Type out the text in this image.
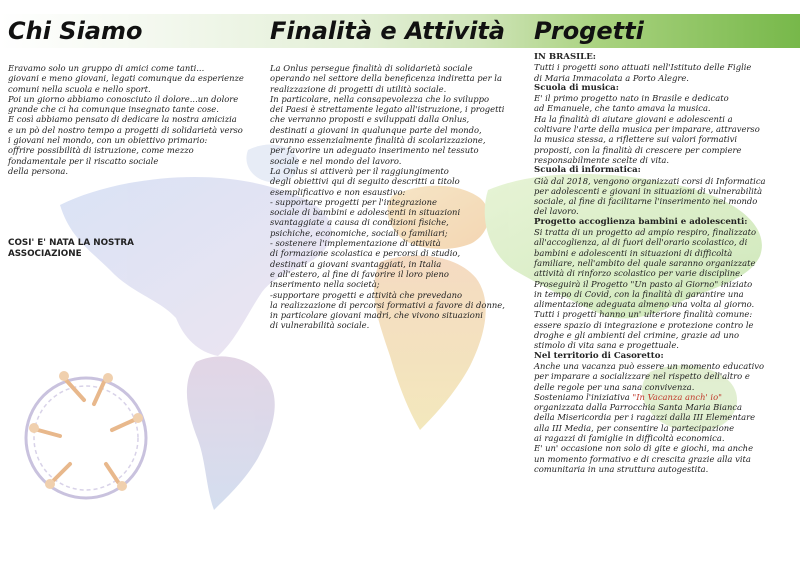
Chi Siamo	Finalità e Attività Progetti

Eravamo solo un gruppo di amici come tanti...

giovani e meno giovani, legati comunque da esperienze

comuni nella scuola e nello sport.

Poi un giorno abbiamo conosciuto il dolore...un dolore

grande che ci ha comunque insegnato tante cose.

E così abbiamo pensato di dedicare la nostra amicizia

e un pò del nostro tempo a progetti di solidarietà verso

i giovani nel mondo, con un obiettivo primario:

offrire possibilità di istruzione, come mezzo

fondamentale per il riscatto sociale

della persona.

COSI' E' NATA LA NOSTRA

ASSOCIAZIONE

La Onlus persegue finalità di solidarietà sociale

operando nel settore della beneficenza indiretta per la

realizzazione di progetti di utilità sociale.

In particolare, nella consapevolezza che lo sviluppo

dei Paesi è strettamente legato all'istruzione, i progetti

che verranno proposti e sviluppati dalla Onlus,

destinati a giovani in qualunque parte del mondo,

avranno essenzialmente finalità di scolarizzazione,

per favorire un adeguato inserimento nel tessuto

sociale e nel mondo del lavoro.

La Onlus si attiverà per il raggiungimento

degli obiettivi qui di seguito descritti a titolo

esemplificativo e non esaustivo:

- supportare progetti per l'integrazione

sociale di bambini e adolescenti in situazioni

svantaggiate a causa di condizioni fisiche,

psichiche, economiche, sociali o familiari;

- sostenere l'implementazione di attività

di formazione scolastica e percorsi di studio,

destinati a giovani svantaggiati, in Italia

e all'estero, al fine di favorire il loro pieno

inserimento nella società;

-supportare progetti e attività che prevedano

la realizzazione di percorsi formativi a favore di donne,

in particolare giovani madri, che vivono situazioni

di vulnerabilità sociale.

IN BRASILE:

Tutti i progetti sono attuati nell'Istituto delle Figlie

di Maria Immacolata a Porto Alegre.

Scuola di musica:

E' il primo progetto nato in Brasile e dedicato

ad Emanuele, che tanto amava la musica.

Ha la finalità di aiutare giovani e adolescenti a

coltivare l'arte della musica per imparare, attraverso

la musica stessa, a riflettere sui valori formativi

proposti, con la finalità di crescere per compiere

responsabilmente scelte di vita.

Scuola di informatica:

Già dal 2018, vengono organizzati corsi di Informatica

per adolescenti e giovani in situazioni di vulnerabilità

sociale, al fine di facilitarne l'inserimento nel mondo

del lavoro.

Progetto accoglienza bambini e adolescenti:

Si tratta di un progetto ad ampio respiro, finalizzato

all'accoglienza, al di fuori dell'orario scolastico, di

bambini e adolescenti in situazioni di difficoltà

familiare, nell'ambito del quale saranno organizzate

attività di rinforzo scolastico per varie discipline.

Proseguirà il Progetto "Un pasto al Giorno" iniziato

in tempo di Covid, con la finalità di garantire una

alimentazione adeguata almeno una volta al giorno.

Tutti i progetti hanno un' ulteriore finalità comune:

essere spazio di integrazione e protezione contro le

droghe e gli ambienti del crimine, grazie ad uno

stimolo di vita sana e progettuale.

Nel territorio di Casoretto:

Anche una vacanza può essere un momento educativo

per imparare a socializzare nel rispetto dell'altro e

delle regole per una sana convivenza.

Sosteniamo l'iniziativa "In Vacanza anch' io"

organizzata dalla Parrocchia Santa Maria Bianca

della Misericordia per i ragazzi dalla III Elementare

alla III Media, per consentire la partecipazione

ai ragazzi di famiglie in difficoltà economica.

E' un' occasione non solo di gite e giochi, ma anche

un momento formativo e di crescita grazie alla vita

comunitaria in una struttura autogestita.
